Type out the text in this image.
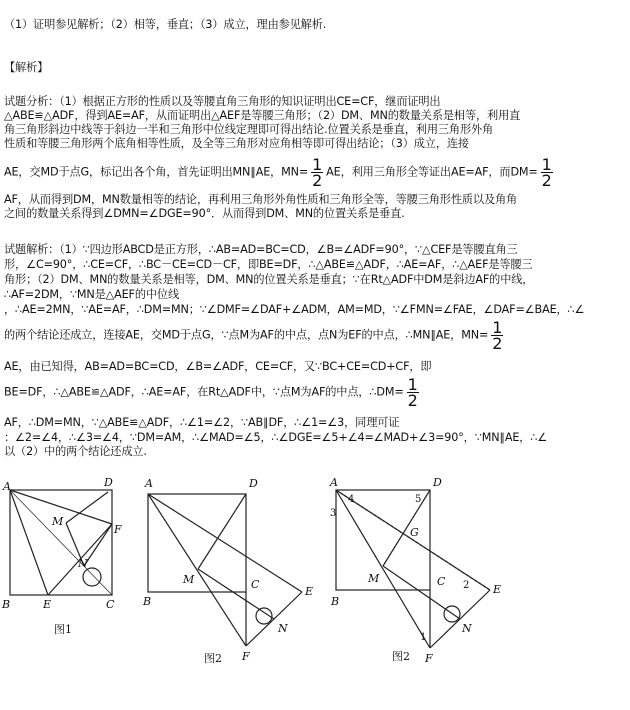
（1）证明参见解析；（2）相等，垂直；（3）成立，理由参见解析.
【解析】
试题分析：（1）根据正方形的性质以及等腰直角三角形的知识证明出CE=CF，继而证明出
△ABE≌△ADF，得到AE=AF，从而证明出△AEF是等腰三角形；（2）DM、MN的数量关系是相等，利用直
角三角形斜边中线等于斜边一半和三角形中位线定理即可得出结论.位置关系是垂直，利用三角形外角
性质和等腰三角形两个底角相等性质，及全等三角形对应角相等即可得出结论；（3）成立，连接
AE，交MD于点G，标记出各个角，首先证明出MN∥AE，$MN= \frac{1}{2}$ AE，利用三角形全等证出AE=AF，而$DM= \frac{1}{2}$
AF，从而得到DM，MN数量相等的结论，再利用三角形外角性质和三角形全等，等腰三角形性质以及角角
之间的数量关系得到∠DMN=∠DGE=90°．从而得到DM、MN的位置关系是垂直.
试题解析：（1）∵四边形ABCD是正方形，∴AB=AD=BC=CD，∠B=∠ADF=90°，∵△CEF是等腰直角三
形，∠C=90°，∴CE=CF，∴BC－CE=CD－CF，即BE=DF，∴△ABE≌△ADF，∴AE=AF，∴△AEF是等腰三
角形；（2）DM、MN的数量关系是相等，DM、MN的位置关系是垂直；∵在Rt△ADF中DM是斜边AF的中线，
∴AF=2DM，∵MN是△AEF的中位线
，∴AE=2MN，∵AE=AF，∴DM=MN；∵∠DMF=∠DAF+∠ADM，AM=MD，∵∠FMN=∠FAE，∠DAF=∠BAE，∴∠
的两个结论还成立，连接AE，交MD于点G，∵点M为AF的中点，点N为EF的中点，∴MN∥AE，$MN= \frac{1}{2}$
AE，由已知得，AB=AD=BC=CD，∠B=∠ADF，CE=CF，又∵BC+CE=CD+CF，即
BE=DF，∴△ABE≌△ADF，∴AE=AF，在Rt△ADF中，∵点M为AF的中点，∴DM= $\frac{1}{2}$
AF，∴DM=MN，∵△ABE≌△ADF，∴∠1=∠2，∵AB∥DF，∴∠1=∠3，同理可证
：∠2=∠4，∴∠3=∠4，∵DM=AM，∴∠MAD=∠5，∴∠DGE=∠5+∠4=∠MAD+∠3=90°，∵MN∥AE，∴∠
以（2）中的两个结论还成立.
A	D
B	E	C
M
F
N
图1
A	D
B
M	C
E
N
F
图2
A	D
B
M	C
E
N
F
G
1
2
3
4	5
图2
